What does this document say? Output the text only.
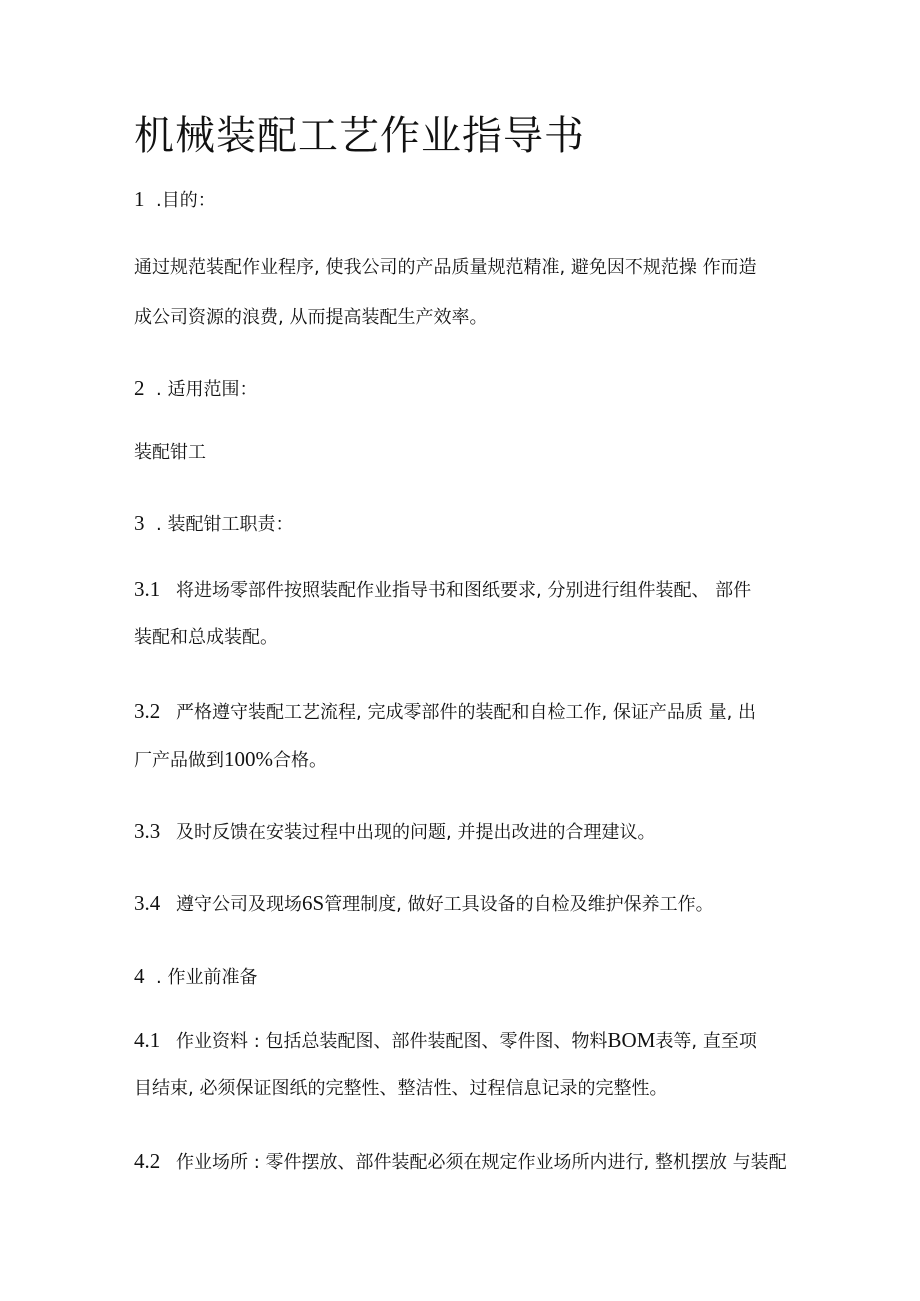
机械装配工艺作业指导书

1 .目的：

通过规范装配作业程序, 使我公司的产品质量规范精准, 避免因不规范操 作而造

成公司资源的浪费, 从而提高装配生产效率。

2 . 适用范围：

装配钳工

3 . 装配钳工职责：

3.1 将进场零部件按照装配作业指导书和图纸要求, 分别进行组件装配、 部件

装配和总成装配。

3.2 严格遵守装配工艺流程, 完成零部件的装配和自检工作, 保证产品质 量, 出

厂产品做到100%合格。

3.3 及时反馈在安装过程中出现的问题, 并提出改进的合理建议。

3.4 遵守公司及现场6S管理制度, 做好工具设备的自检及维护保养工作。

4 . 作业前准备

4.1 作业资料 : 包括总装配图、部件装配图、零件图、物料BOM表等, 直至项

目结束, 必须保证图纸的完整性、整洁性、过程信息记录的完整性。

4.2 作业场所 : 零件摆放、部件装配必须在规定作业场所内进行, 整机摆放 与装配
